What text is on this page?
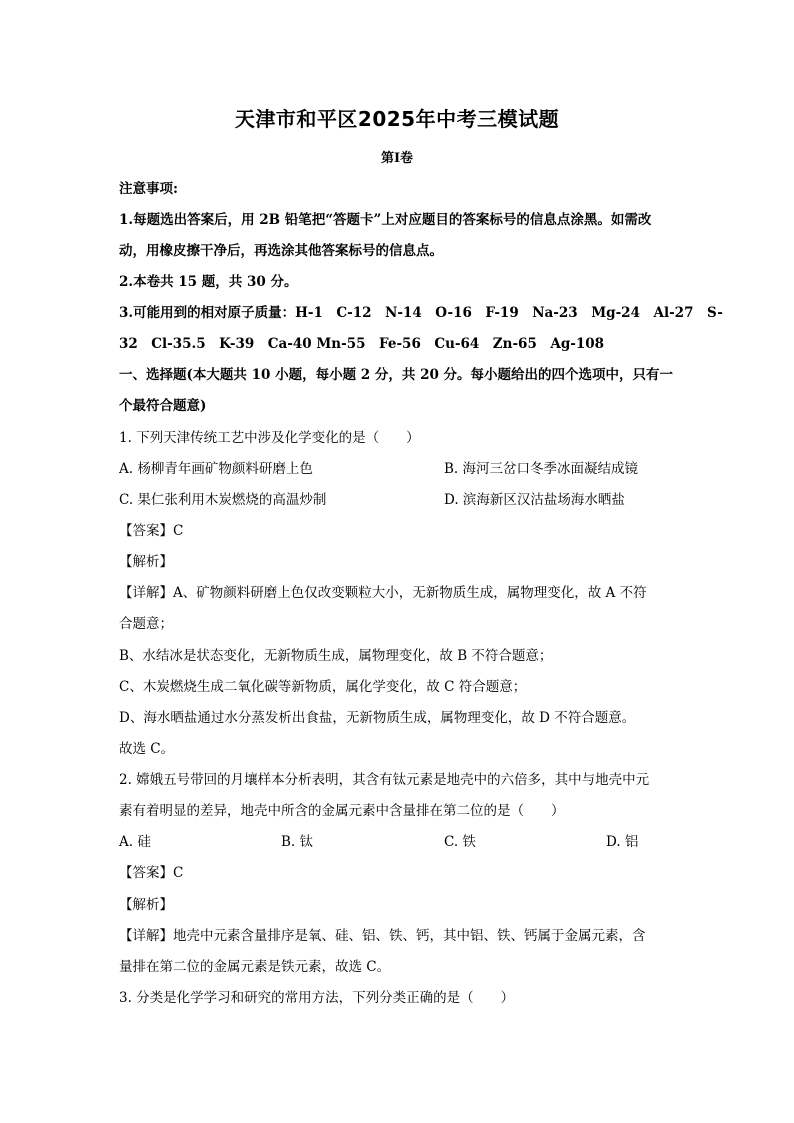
天津市和平区2025年中考三模试题
第Ⅰ卷
注意事项:
1.每题选出答案后，用 2B 铅笔把“答题卡”上对应题目的答案标号的信息点涂黑。如需改
动，用橡皮擦干净后，再选涂其他答案标号的信息点。
2.本卷共 15 题，共 30 分。
3.可能用到的相对原子质量：H-1　C-12　N-14　O-16　F-19　Na-23　Mg-24　Al-27　S-
32　Cl-35.5　K-39　Ca-40 Mn-55　Fe-56　Cu-64　Zn-65　Ag-108
一、选择题(本大题共 10 小题，每小题 2 分，共 20 分。每小题给出的四个选项中，只有一
个最符合题意)
1. 下列天津传统工艺中涉及化学变化的是（　　）
A. 杨柳青年画矿物颜料研磨上色	B. 海河三岔口冬季冰面凝结成镜
C. 果仁张利用木炭燃烧的高温炒制	D. 滨海新区汉沽盐场海水晒盐
【答案】C
【解析】
【详解】A、矿物颜料研磨上色仅改变颗粒大小，无新物质生成，属物理变化，故 A 不符
合题意；
B、水结冰是状态变化，无新物质生成，属物理变化，故 B 不符合题意；
C、木炭燃烧生成二氧化碳等新物质，属化学变化，故 C 符合题意；
D、海水晒盐通过水分蒸发析出食盐，无新物质生成，属物理变化，故 D 不符合题意。
故选 C。
2. 嫦娥五号带回的月壤样本分析表明，其含有钛元素是地壳中的六倍多，其中与地壳中元
素有着明显的差异，地壳中所含的金属元素中含量排在第二位的是（　　）
A. 硅	B. 钛	C. 铁	D. 铝
【答案】C
【解析】
【详解】地壳中元素含量排序是氧、硅、铝、铁、钙，其中铝、铁、钙属于金属元素，含
量排在第二位的金属元素是铁元素，故选 C。
3. 分类是化学学习和研究的常用方法，下列分类正确的是（　　）
